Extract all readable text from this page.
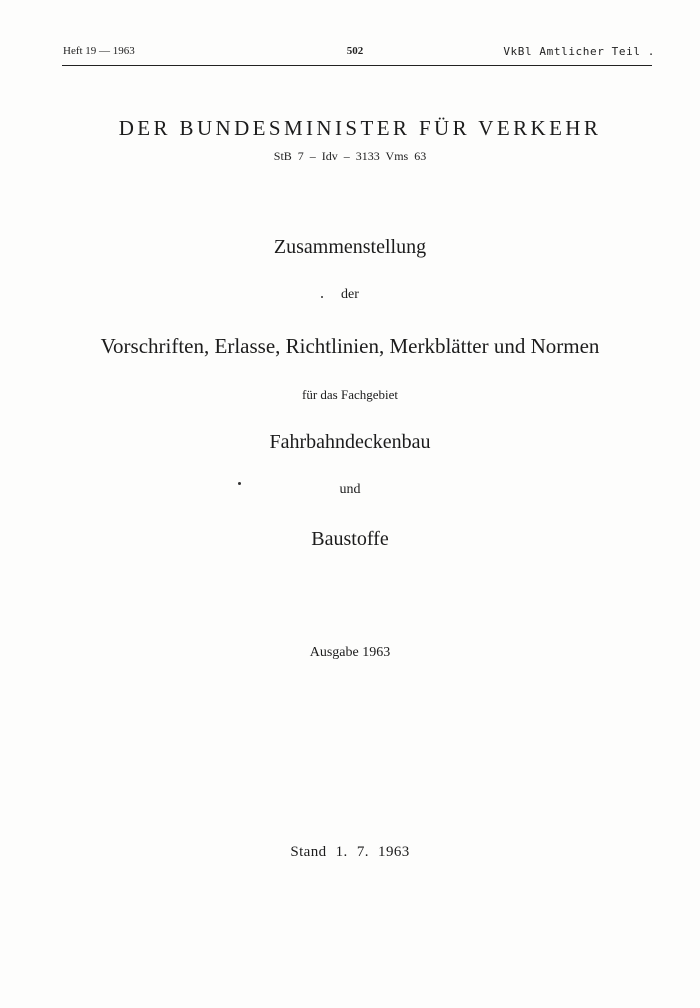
Heft 19 — 1963	502	VkBl Amtlicher Teil .
DER BUNDESMINISTER FÜR VERKEHR
StB 7 – Idv – 3133 Vms 63
Zusammenstellung
der
Vorschriften, Erlasse, Richtlinien, Merkblätter und Normen
für das Fachgebiet
Fahrbahndeckenbau
und
Baustoffe
Ausgabe 1963
Stand 1. 7. 1963
